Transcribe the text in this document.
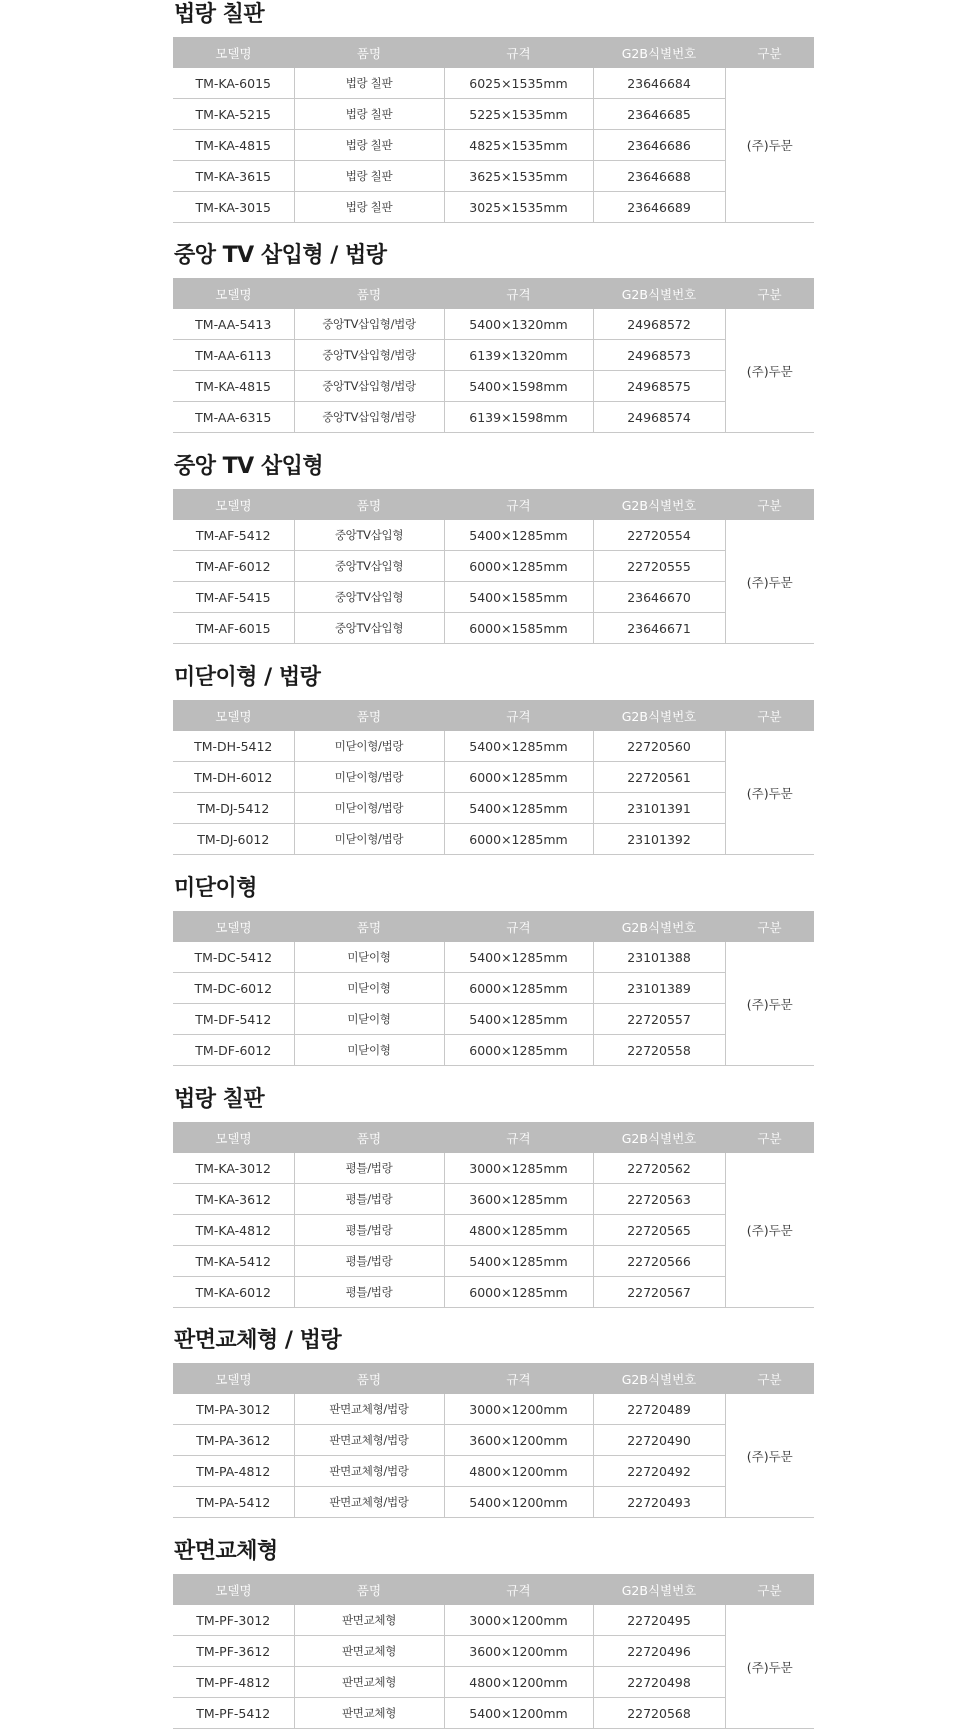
법랑 칠판
모델명	품명	규격	G2B식별번호	구분
TM-KA-6015	법랑 칠판	6025×1535mm	23646684	(주)두문
TM-KA-5215	법랑 칠판	5225×1535mm	23646685	
TM-KA-4815	법랑 칠판	4825×1535mm	23646686	
TM-KA-3615	법랑 칠판	3625×1535mm	23646688	
TM-KA-3015	법랑 칠판	3025×1535mm	23646689	
중앙 TV 삽입형 / 법랑
모델명	품명	규격	G2B식별번호	구분
TM-AA-5413	중앙TV삽입형/법랑	5400×1320mm	24968572	(주)두문
TM-AA-6113	중앙TV삽입형/법랑	6139×1320mm	24968573	
TM-KA-4815	중앙TV삽입형/법랑	5400×1598mm	24968575	
TM-AA-6315	중앙TV삽입형/법랑	6139×1598mm	24968574	
중앙 TV 삽입형
모델명	품명	규격	G2B식별번호	구분
TM-AF-5412	중앙TV삽입형	5400×1285mm	22720554	(주)두문
TM-AF-6012	중앙TV삽입형	6000×1285mm	22720555	
TM-AF-5415	중앙TV삽입형	5400×1585mm	23646670	
TM-AF-6015	중앙TV삽입형	6000×1585mm	23646671	
미닫이형 / 법랑
모델명	품명	규격	G2B식별번호	구분
TM-DH-5412	미닫이형/법랑	5400×1285mm	22720560	(주)두문
TM-DH-6012	미닫이형/법랑	6000×1285mm	22720561	
TM-DJ-5412	미닫이형/법랑	5400×1285mm	23101391	
TM-DJ-6012	미닫이형/법랑	6000×1285mm	23101392	
미닫이형
모델명	품명	규격	G2B식별번호	구분
TM-DC-5412	미닫이형	5400×1285mm	23101388	(주)두문
TM-DC-6012	미닫이형	6000×1285mm	23101389	
TM-DF-5412	미닫이형	5400×1285mm	22720557	
TM-DF-6012	미닫이형	6000×1285mm	22720558	
법랑 칠판
모델명	품명	규격	G2B식별번호	구분
TM-KA-3012	평틀/법랑	3000×1285mm	22720562	(주)두문
TM-KA-3612	평틀/법랑	3600×1285mm	22720563	
TM-KA-4812	평틀/법랑	4800×1285mm	22720565	
TM-KA-5412	평틀/법랑	5400×1285mm	22720566	
TM-KA-6012	평틀/법랑	6000×1285mm	22720567	
판면교체형 / 법랑
모델명	품명	규격	G2B식별번호	구분
TM-PA-3012	판면교체형/법랑	3000×1200mm	22720489	(주)두문
TM-PA-3612	판면교체형/법랑	3600×1200mm	22720490	
TM-PA-4812	판면교체형/법랑	4800×1200mm	22720492	
TM-PA-5412	판면교체형/법랑	5400×1200mm	22720493	
판면교체형
모델명	품명	규격	G2B식별번호	구분
TM-PF-3012	판면교체형	3000×1200mm	22720495	(주)두문
TM-PF-3612	판면교체형	3600×1200mm	22720496	
TM-PF-4812	판면교체형	4800×1200mm	22720498	
TM-PF-5412	판면교체형	5400×1200mm	22720568	
